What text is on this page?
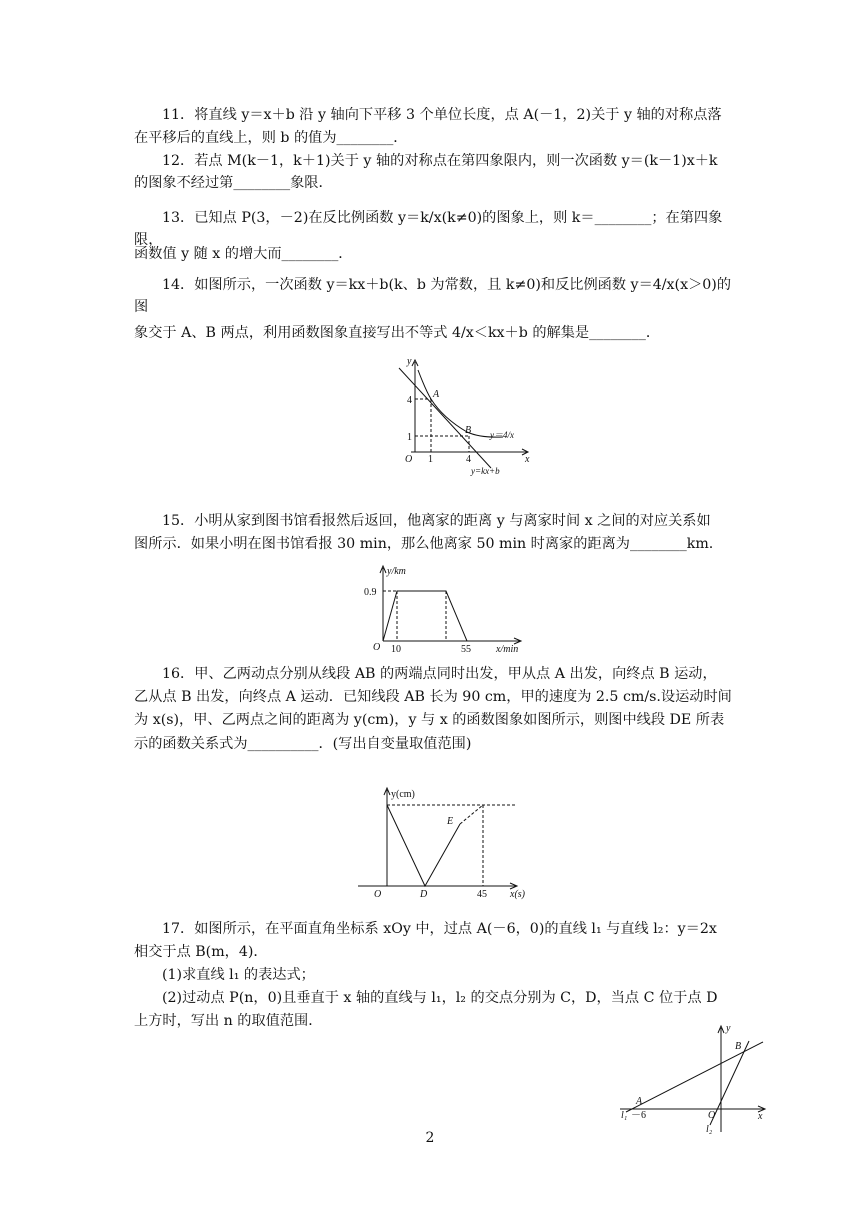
11．将直线 y＝x＋b 沿 y 轴向下平移 3 个单位长度，点 A(－1，2)关于 y 轴的对称点落

在平移后的直线上，则 b 的值为________．

12．若点 M(k－1，k＋1)关于 y 轴的对称点在第四象限内，则一次函数 y＝(k－1)x＋k

的图象不经过第________象限．

13．已知点 P(3，－2)在反比例函数 y＝k/x(k≠0)的图象上，则 k＝________；在第四象限，

函数值 y 随 x 的增大而________．

14．如图所示，一次函数 y＝kx＋b(k、b 为常数，且 k≠0)和反比例函数 y＝4/x(x＞0)的图

象交于 A、B 两点，利用函数图象直接写出不等式 4/x＜kx＋b 的解集是________．

y
x
O
4
1
1	4
A
B y＝4/x
y=kx+b

15．小明从家到图书馆看报然后返回，他离家的距离 y 与离家时间 x 之间的对应关系如

图所示．如果小明在图书馆看报 30 min，那么他离家 50 min 时离家的距离为________km.

y/km
x/min
O
0.9
10	55

16．甲、乙两动点分别从线段 AB 的两端点同时出发，甲从点 A 出发，向终点 B 运动，

乙从点 B 出发，向终点 A 运动．已知线段 AB 长为 90 cm，甲的速度为 2.5 cm/s.设运动时间

为 x(s)，甲、乙两点之间的距离为 y(cm)，y 与 x 的函数图象如图所示，则图中线段 DE 所表

示的函数关系式为__________．(写出自变量取值范围)

y(cm)
x(s)
O	D
E
45

17．如图所示，在平面直角坐标系 xOy 中，过点 A(－6，0)的直线 l₁ 与直线 l₂：y＝2x

相交于点 B(m，4)．

(1)求直线 l₁ 的表达式；

(2)过动点 P(n，0)且垂直于 x 轴的直线与 l₁，l₂ 的交点分别为 C，D，当点 C 位于点 D

上方时，写出 n 的取值范围．	y
x
O
B
A
－6
l₁
l₂
2
